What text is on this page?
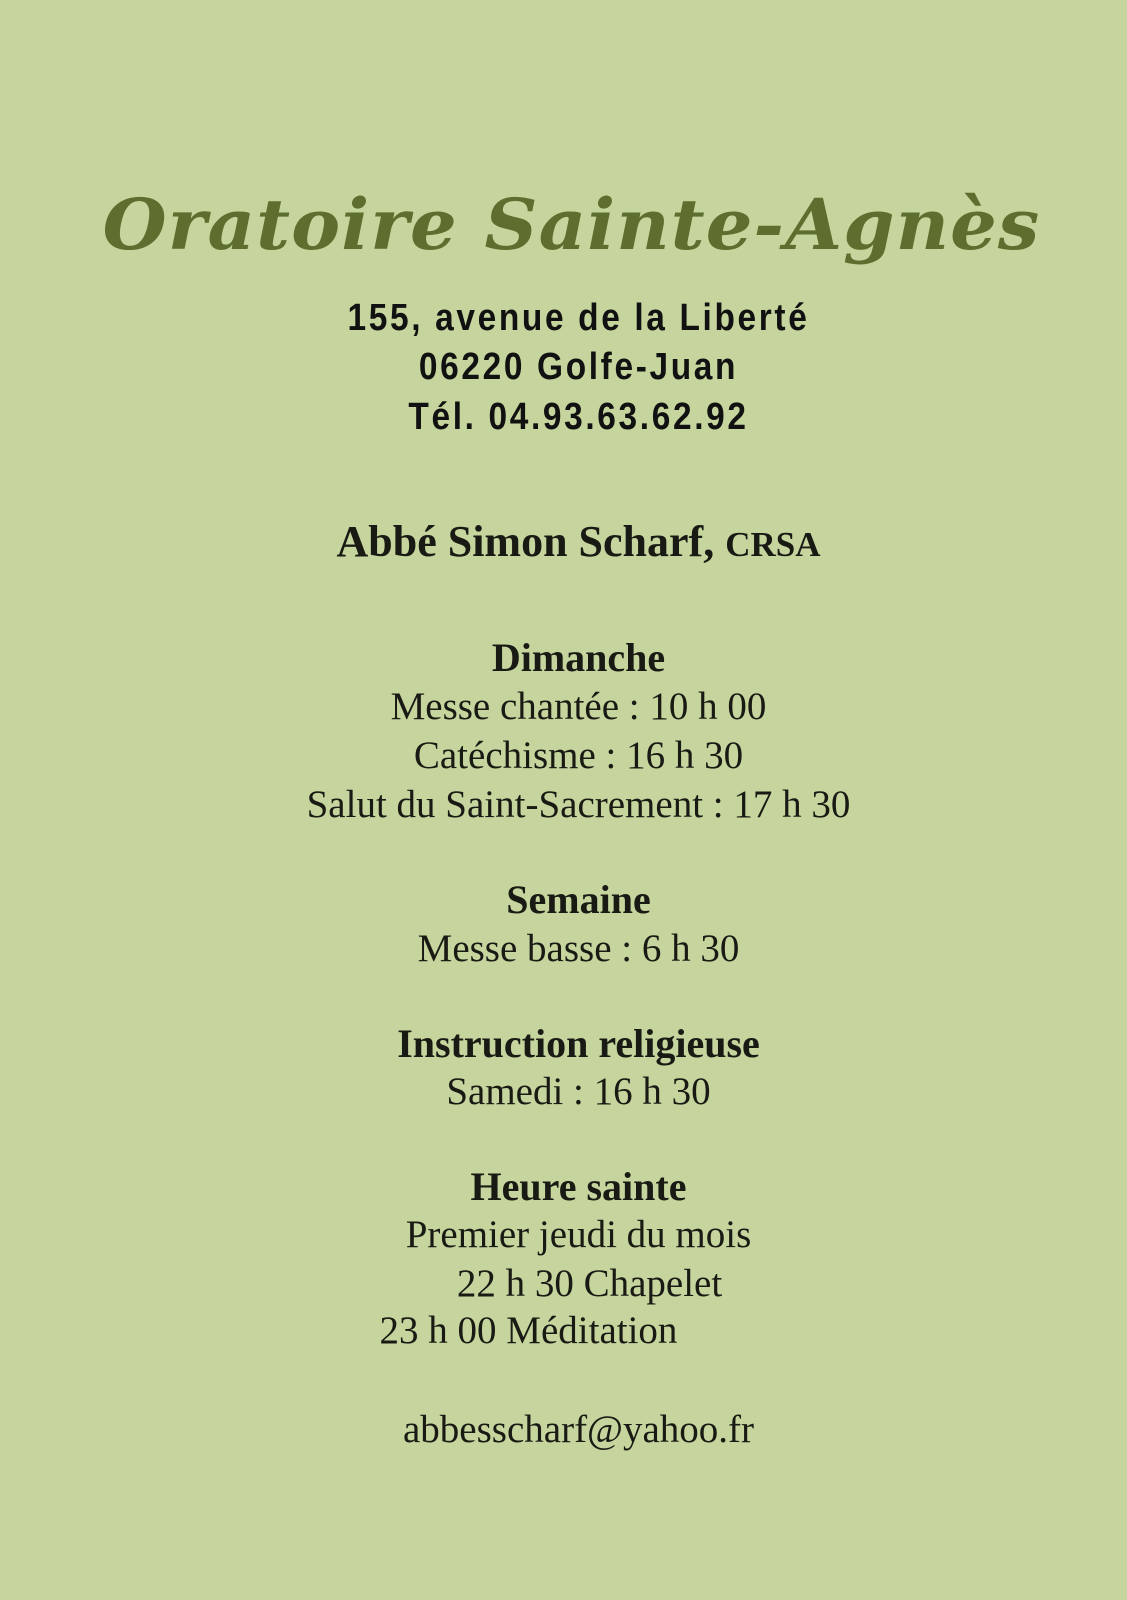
Oratoire Sainte-Agnès
155, avenue de la Liberté
06220 Golfe-Juan
Tél. 04.93.63.62.92
Abbé Simon Scharf, CRSA
Dimanche
Messe chantée : 10 h 00
Catéchisme : 16 h 30
Salut du Saint-Sacrement : 17 h 30
Semaine
Messe basse : 6 h 30
Instruction religieuse
Samedi : 16 h 30
Heure sainte
Premier jeudi du mois
22 h 30 Chapelet
23 h 00 Méditation
abbesscharf@yahoo.fr
